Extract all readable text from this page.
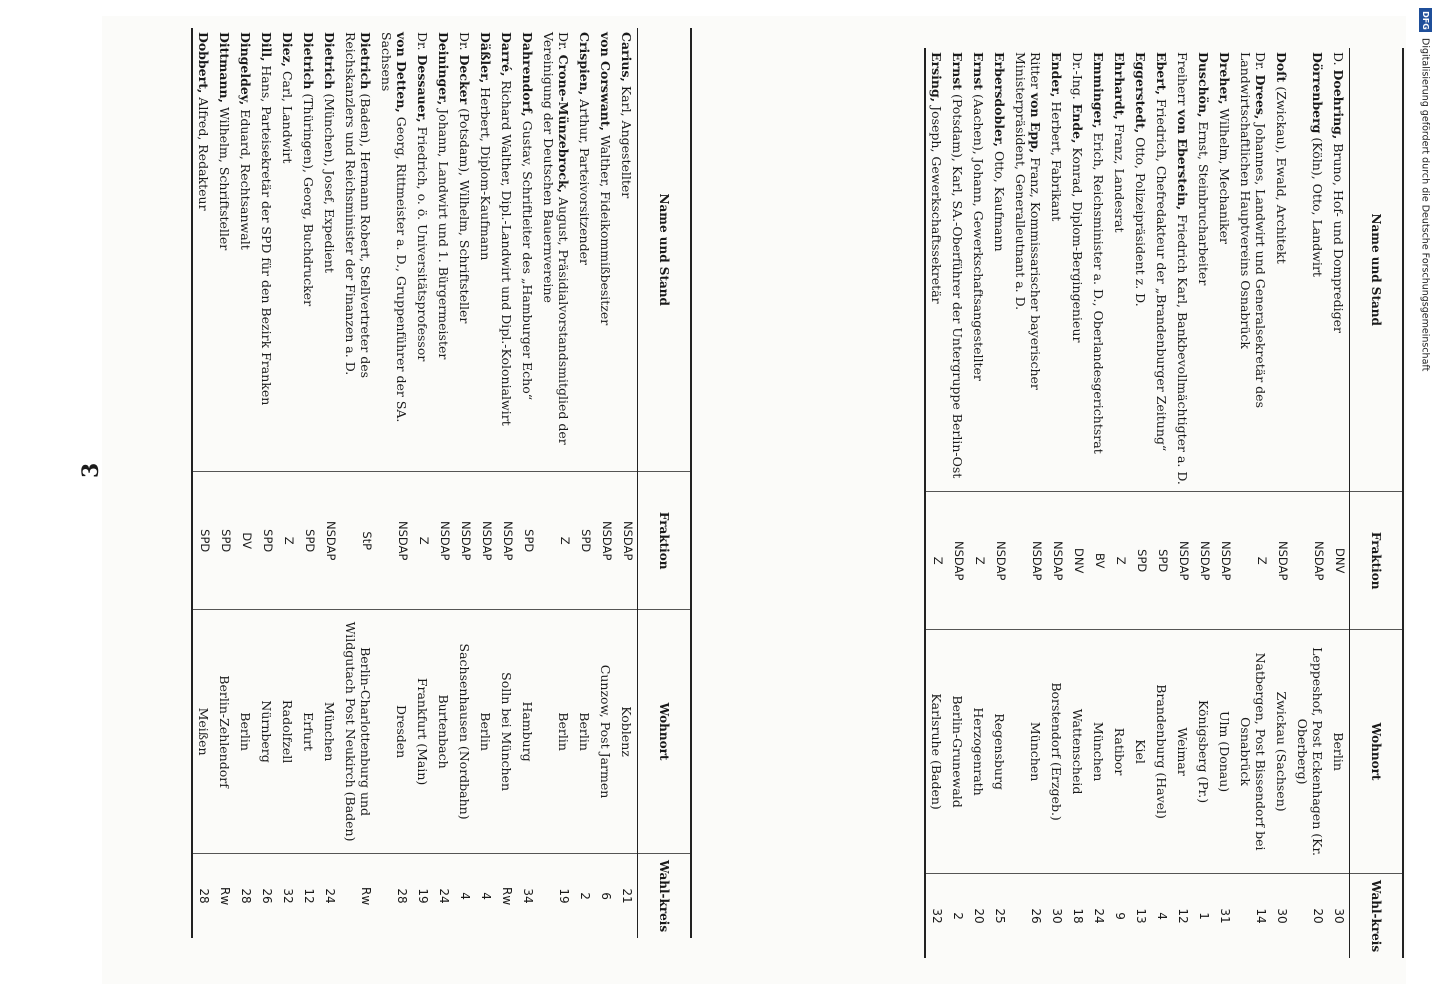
3
Name und Stand	Fraktion	Wohnort	Wahl-kreis
Carius, Karl, Angestellter	NSDAP	Koblenz	21
von Corswant, Walther, Fideikommißbesitzer	NSDAP	Cunzow, Post Jarmen	6
Crispien, Arthur, Parteivorsitzender	SPD	Berlin	2
Dr. Crone-Münzebrock, August, Präsidialvorstandsmitglied der Vereinigung der Deutschen Bauernvereine	Z	Berlin	19
Dahrendorf, Gustav, Schriftleiter des „Hamburger Echo“	SPD	Hamburg	34
Darré, Richard Walther, Dipl.-Landwirt und Dipl.-Kolonialwirt	NSDAP	Solln bei München	Rw
Däßler, Herbert, Diplom-Kaufmann	NSDAP	Berlin	4
Dr. Decker (Potsdam), Wilhelm, Schriftsteller	NSDAP	Sachsenhausen (Nordbahn)	4
Deininger, Johann, Landwirt und 1. Bürgermeister	NSDAP	Burtenbach	24
Dr. Dessauer, Friedrich, o. ö. Universitätsprofessor	Z	Frankfurt (Main)	19
von Detten, Georg, Rittmeister a. D., Gruppenführer der SA. Sachsens	NSDAP	Dresden	28
Dietrich (Baden), Hermann Robert, Stellvertreter des Reichskanzlers und Reichsminister der Finanzen a. D.	StP	Berlin-Charlottenburg und Wildgutach Post Neukirch (Baden)	Rw
Dietrich (München), Josef, Expedient	NSDAP	München	24
Dietrich (Thüringen), Georg, Buchdrucker	SPD	Erfurt	12
Diez, Carl, Landwirt	Z	Radolfzell	32
Dill, Hans, Parteisekretär der SPD für den Bezirk Franken	SPD	Nürnberg	26
Dingeldey, Eduard, Rechtsanwalt	DV	Berlin	28
Dittmann, Wilhelm, Schriftsteller	SPD	Berlin-Zehlendorf	Rw
Dobbert, Alfred, Redakteur	SPD	Meißen	28
Name und Stand	Fraktion	Wohnort	Wahl-kreis
D. Doehring, Bruno, Hof- und Domprediger	DNV	Berlin	30
Dörrenberg (Köln), Otto, Landwirt	NSDAP	Leppeshof, Post Eckenhagen (Kr. Oberberg)	20
Doſt (Zwickau), Ewald, Architekt	NSDAP	Zwickau (Sachsen)	30
Dr. Drees, Johannes, Landwirt und Generalsekretär des Landwirtschaftlichen Hauptvereins Osnabrück	Z	Natbergen, Post Bissendorf bei Osnabrück	14
Dreher, Wilhelm, Mechaniker	NSDAP	Ulm (Donau)	31
Duschön, Ernst, Steinbrucharbeiter	NSDAP	Königsberg (Pr.)	1
Freiherr von Eberstein, Friedrich Karl, Bankbevollmächtigter a. D.	NSDAP	Weimar	12
Ebert, Friedrich, Chefredakteur der „Brandenburger Zeitung“	SPD	Brandenburg (Havel)	4
Eggerstedt, Otto, Polizeipräsident z. D.	SPD	Kiel	13
Ehrhardt, Franz, Landesrat	Z	Ratibor	9
Emminger, Erich, Reichsminister a. D., Oberlandesgerichtsrat	BV	München	24
Dr.-Ing. Ende, Konrad, Diplom-Bergingenieur	DNV	Wattenscheid	18
Ender, Herbert, Fabrikant	NSDAP	Borstendorf (Erzgeb.)	30
Ritter von Epp, Franz, Kommissarischer bayerischer Ministerpräsident, Generalleutnant a. D.	NSDAP	München	26
Erbersdobler, Otto, Kaufmann	NSDAP	Regensburg	25
Ernst (Aachen), Johann, Gewerkschaftsangestellter	Z	Herzogenrath	20
Ernst (Potsdam), Karl, SA.-Oberführer der Untergruppe Berlin-Ost	NSDAP	Berlin-Grunewald	2
Ersing, Joseph, Gewerkschaftssekretär	Z	Karlsruhe (Baden)	32
DFG
Digitalisierung gefördert durch die Deutsche Forschungsgemeinschaft
